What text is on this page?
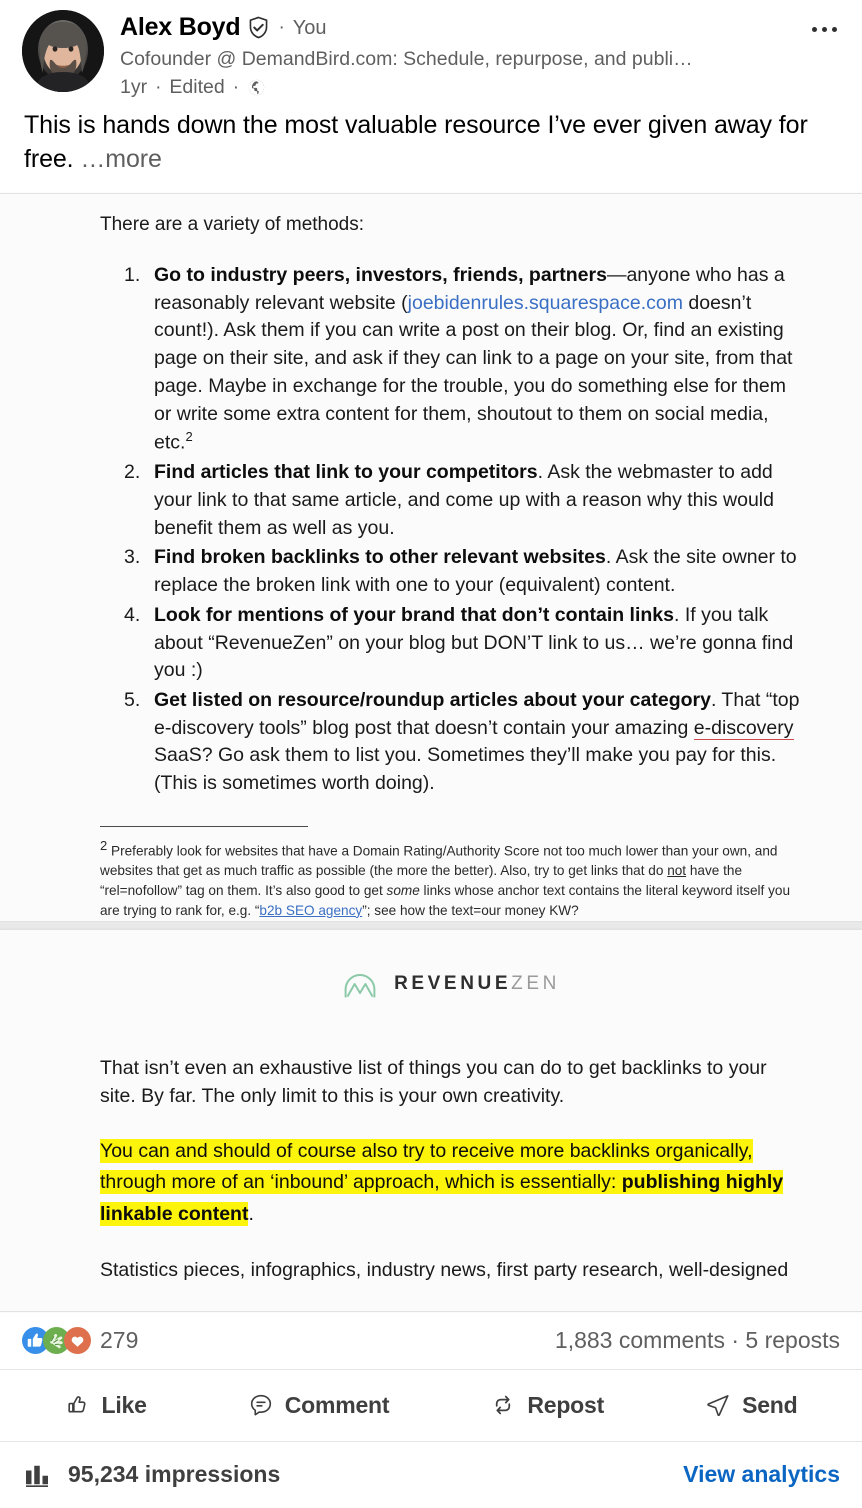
Alex Boyd · You
Cofounder @ DemandBird.com: Schedule, repurpose, and publi…
1yr · Edited ·
This is hands down the most valuable resource I’ve ever given away for free. …more
There are a variety of methods:
Go to industry peers, investors, friends, partners—anyone who has a reasonably relevant website (joebidenrules.squarespace.com doesn’t count!). Ask them if you can write a post on their blog. Or, find an existing page on their site, and ask if they can link to a page on your site, from that page. Maybe in exchange for the trouble, you do something else for them or write some extra content for them, shoutout to them on social media, etc.$^2$
Find articles that link to your competitors. Ask the webmaster to add your link to that same article, and come up with a reason why this would benefit them as well as you.
Find broken backlinks to other relevant websites. Ask the site owner to replace the broken link with one to your (equivalent) content.
Look for mentions of your brand that don’t contain links. If you talk about “RevenueZen” on your blog but DON’T link to us… we’re gonna find you :)
Get listed on resource/roundup articles about your category. That “top e-discovery tools” blog post that doesn’t contain your amazing e-discovery SaaS? Go ask them to list you. Sometimes they’ll make you pay for this. (This is sometimes worth doing).
$^2$ Preferably look for websites that have a Domain Rating/Authority Score not too much lower than your own, and websites that get as much traffic as possible (the more the better). Also, try to get links that do not have the “rel=nofollow” tag on them. It’s also good to get some links whose anchor text contains the literal keyword itself you are trying to rank for, e.g. “b2b SEO agency”; see how the text=our money KW?
REVENUEZEN
That isn’t even an exhaustive list of things you can do to get backlinks to your site. By far. The only limit to this is your own creativity.
You can and should of course also try to receive more backlinks organically, through more of an ‘inbound’ approach, which is essentially: publishing highly linkable content.
Statistics pieces, infographics, industry news, first party research, well-designed
279	1,883 comments · 5 reposts
Like	Comment	Repost	Send
95,234 impressions	View analytics
